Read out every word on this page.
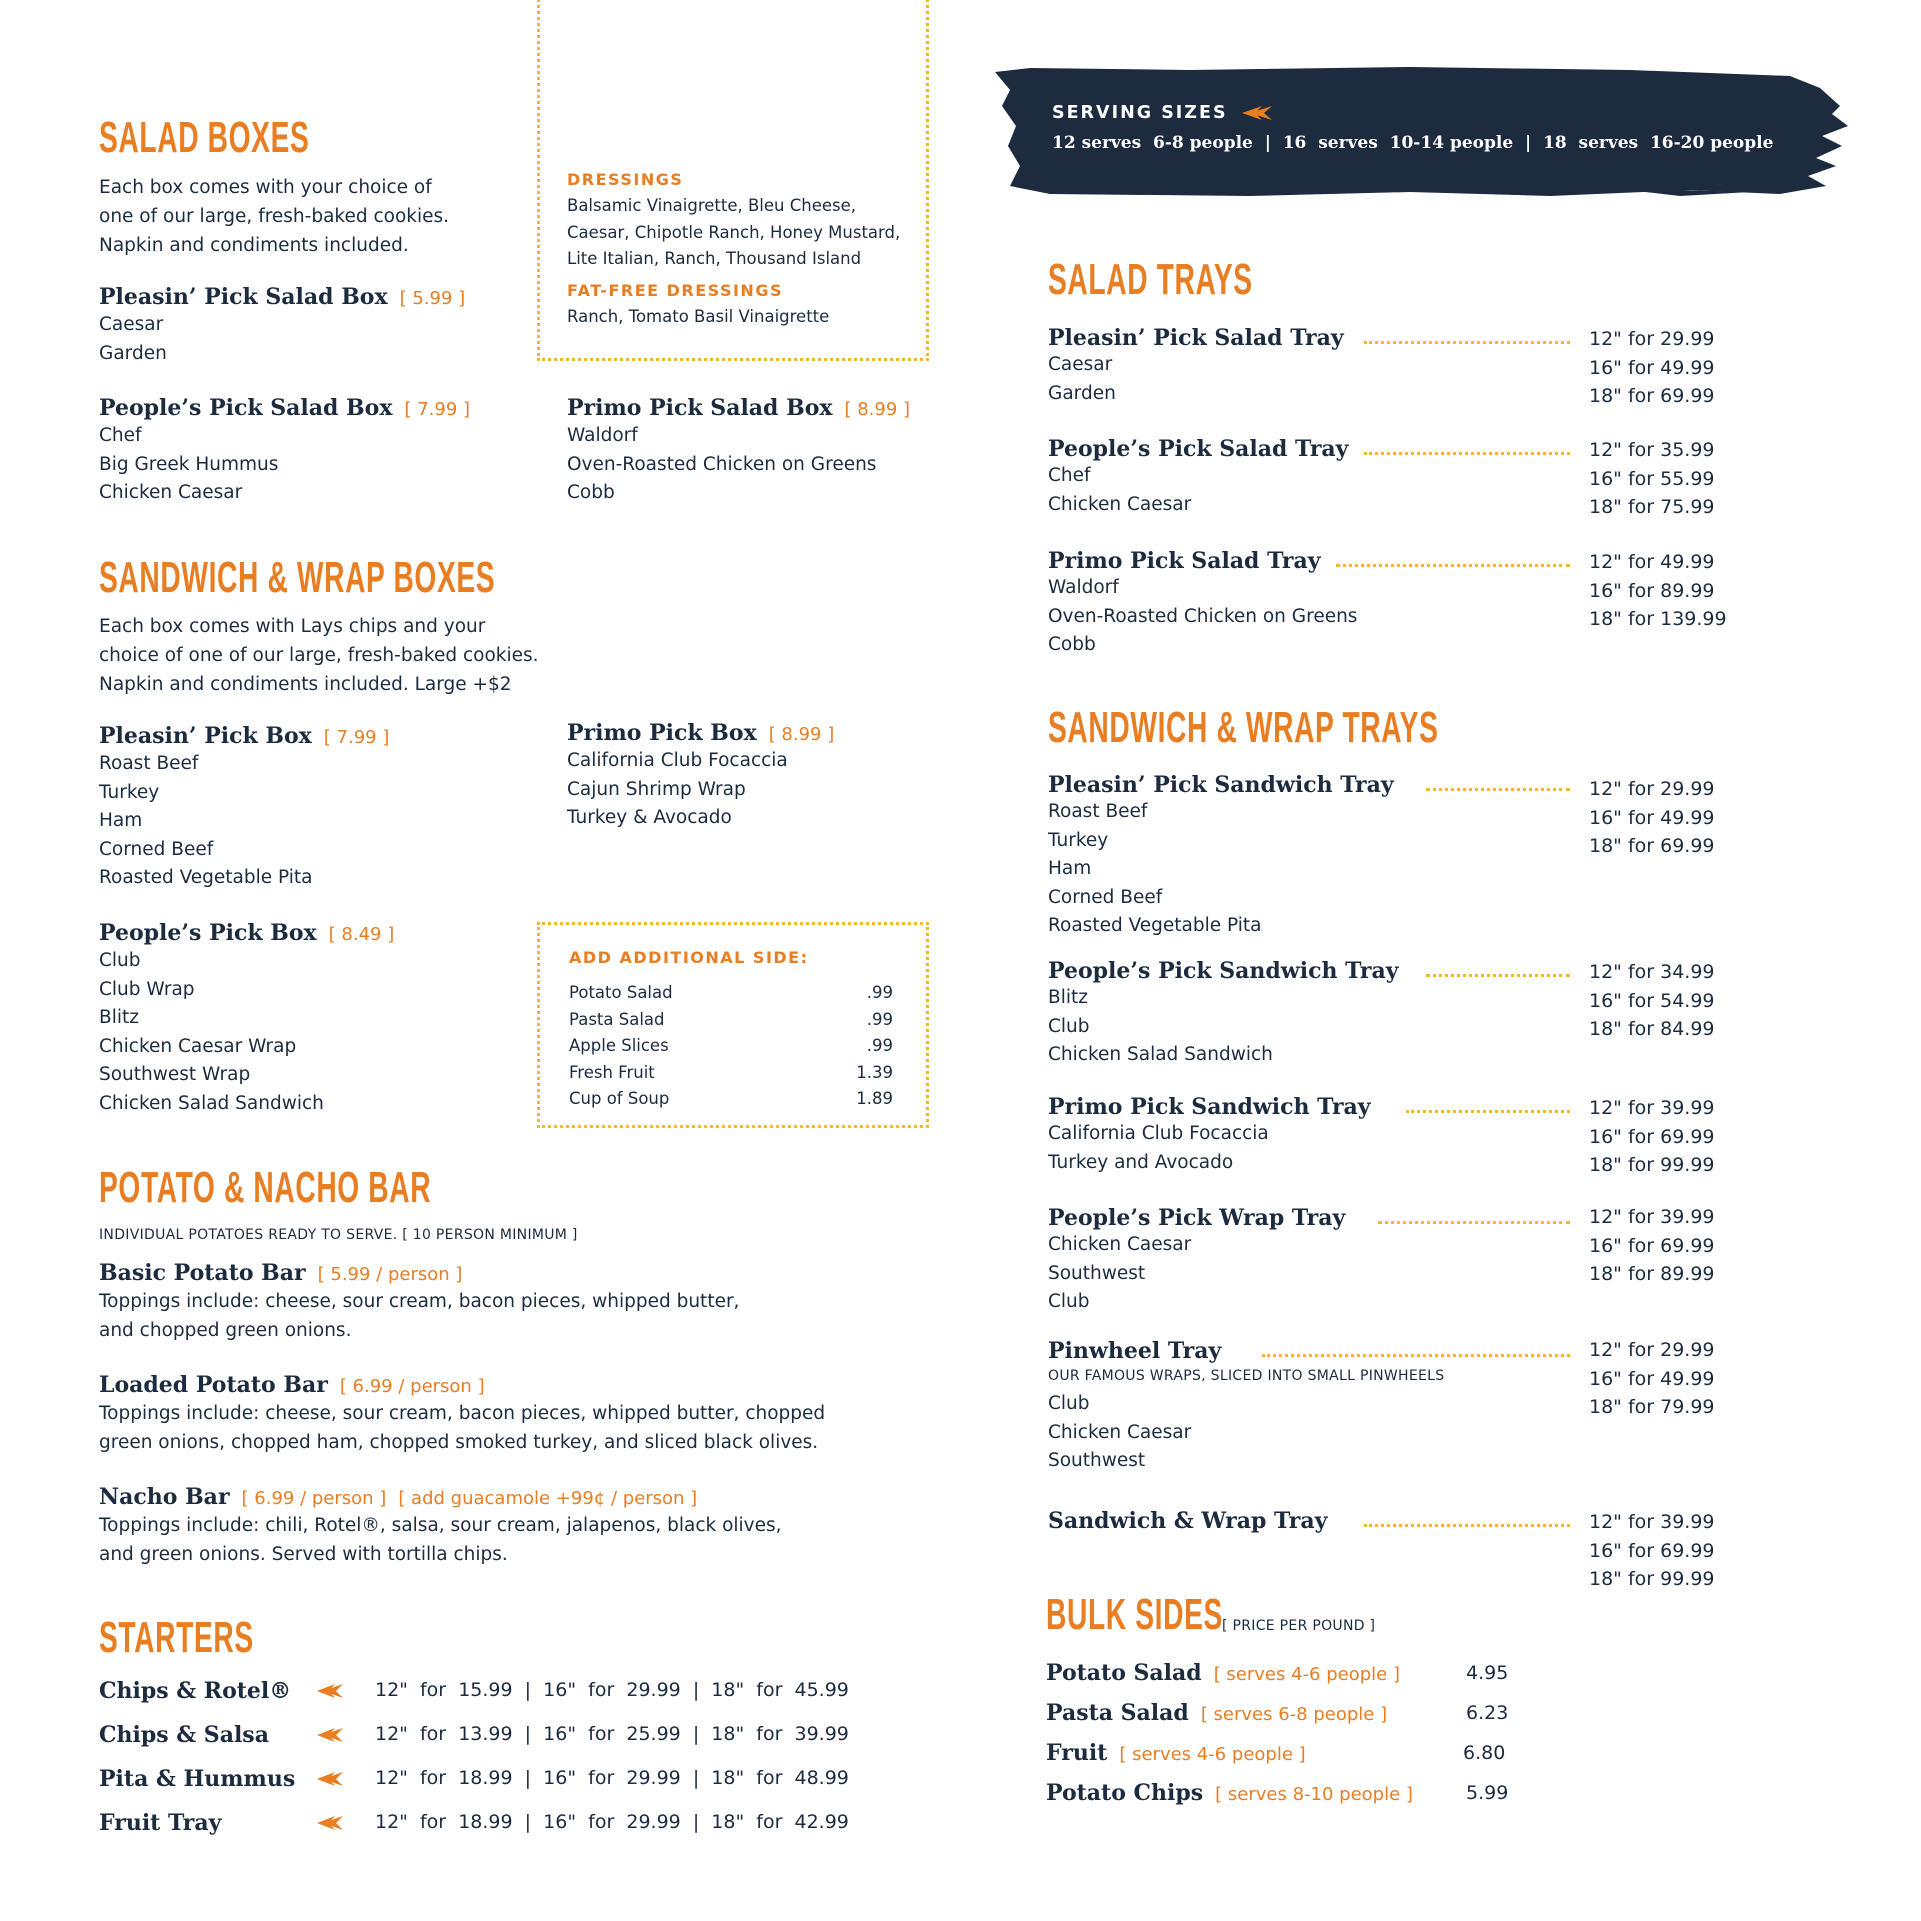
SALAD BOXES
Each box comes with your choice of
one of our large, fresh-baked cookies.
Napkin and condiments included.
Pleasin’ Pick Salad Box [ 5.99 ]
Caesar
Garden
People’s Pick Salad Box [ 7.99 ]
Chef
Big Greek Hummus
Chicken Caesar
DRESSINGS
Balsamic Vinaigrette, Bleu Cheese,
Caesar, Chipotle Ranch, Honey Mustard,
Lite Italian, Ranch, Thousand Island
FAT-FREE DRESSINGS
Ranch, Tomato Basil Vinaigrette
Primo Pick Salad Box [ 8.99 ]
Waldorf
Oven-Roasted Chicken on Greens
Cobb
SANDWICH & WRAP BOXES
Each box comes with Lays chips and your
choice of one of our large, fresh-baked cookies.
Napkin and condiments included. Large +$2
Pleasin’ Pick Box [ 7.99 ]
Roast Beef
Turkey
Ham
Corned Beef
Roasted Vegetable Pita
Primo Pick Box [ 8.99 ]
California Club Focaccia
Cajun Shrimp Wrap
Turkey & Avocado
People’s Pick Box [ 8.49 ]
Club
Club Wrap
Blitz
Chicken Caesar Wrap
Southwest Wrap
Chicken Salad Sandwich
ADD ADDITIONAL SIDE:
Potato Salad	.99
Pasta Salad	.99
Apple Slices	.99
Fresh Fruit	1.39
Cup of Soup	1.89
POTATO & NACHO BAR
INDIVIDUAL POTATOES READY TO SERVE. [ 10 PERSON MINIMUM ]
Basic Potato Bar [ 5.99 / person ]
Toppings include: cheese, sour cream, bacon pieces, whipped butter,
and chopped green onions.
Loaded Potato Bar [ 6.99 / person ]
Toppings include: cheese, sour cream, bacon pieces, whipped butter, chopped
green onions, chopped ham, chopped smoked turkey, and sliced black olives.
Nacho Bar [ 6.99 / person ] [ add guacamole +99¢ / person ]
Toppings include: chili, Rotel®, salsa, sour cream, jalapenos, black olives,
and green onions. Served with tortilla chips.
STARTERS
Chips & Rotel®	12"  for  15.99  |  16"  for  29.99  |  18"  for  45.99
Chips & Salsa	12"  for  13.99  |  16"  for  25.99  |  18"  for  39.99
Pita & Hummus	12"  for  18.99  |  16"  for  29.99  |  18"  for  48.99
Fruit Tray	12"  for  18.99  |  16"  for  29.99  |  18"  for  42.99
SERVING SIZES
12 serves  6-8 people  |  16  serves  10-14 people  |  18  serves  16-20 people
SALAD TRAYS
Pleasin’ Pick Salad Tray
Caesar
Garden
12" for 29.99
16" for 49.99
18" for 69.99
People’s Pick Salad Tray
Chef
Chicken Caesar
12" for 35.99
16" for 55.99
18" for 75.99
Primo Pick Salad Tray
Waldorf
Oven-Roasted Chicken on Greens
Cobb
12" for 49.99
16" for 89.99
18" for 139.99
SANDWICH & WRAP TRAYS
Pleasin’ Pick Sandwich Tray
Roast Beef
Turkey
Ham
Corned Beef
Roasted Vegetable Pita
12" for 29.99
16" for 49.99
18" for 69.99
People’s Pick Sandwich Tray
Blitz
Club
Chicken Salad Sandwich
12" for 34.99
16" for 54.99
18" for 84.99
Primo Pick Sandwich Tray
California Club Focaccia
Turkey and Avocado
12" for 39.99
16" for 69.99
18" for 99.99
People’s Pick Wrap Tray
Chicken Caesar
Southwest
Club
12" for 39.99
16" for 69.99
18" for 89.99
Pinwheel Tray
OUR FAMOUS WRAPS, SLICED INTO SMALL PINWHEELS
Club
Chicken Caesar
Southwest
12" for 29.99
16" for 49.99
18" for 79.99
Sandwich & Wrap Tray	12" for 39.99
16" for 69.99
18" for 99.99
BULK SIDES [ PRICE PER POUND ]
Potato Salad [ serves 4-6 people ]	4.95
Pasta Salad [ serves 6-8 people ]	6.23
Fruit [ serves 4-6 people ]	6.80
Potato Chips [ serves 8-10 people ]	5.99
